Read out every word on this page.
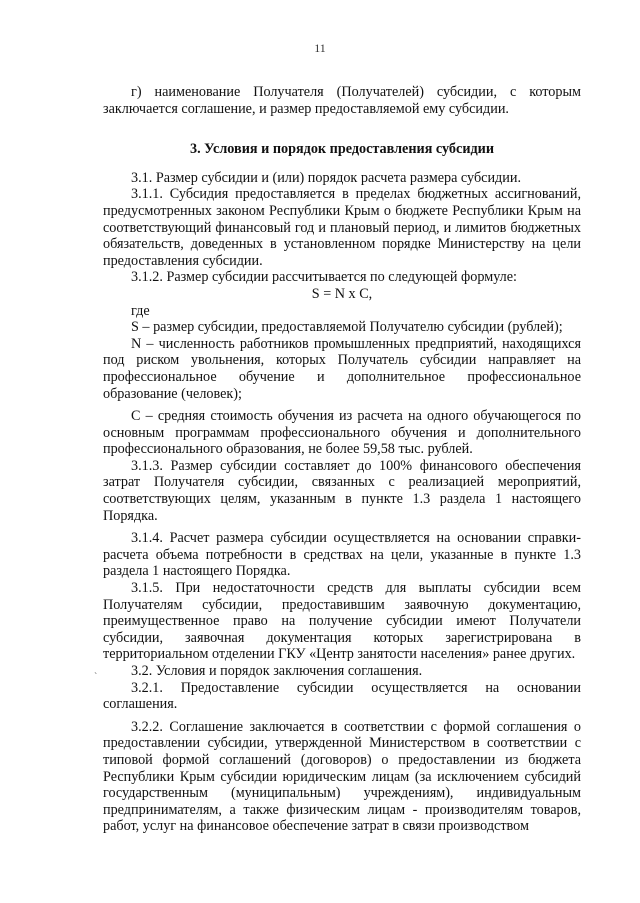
11
`

г) наименование Получателя (Получателей) субсидии, с которым заключается соглашение, и размер предоставляемой ему субсидии.

3. Условия и порядок предоставления субсидии

3.1. Размер субсидии и (или) порядок расчета размера субсидии.

3.1.1. Субсидия предоставляется в пределах бюджетных ассигнований, предусмотренных законом Республики Крым о бюджете Республики Крым на соответствующий финансовый год и плановый период, и лимитов бюджетных обязательств, доведенных в установленном порядке Министерству на цели предоставления субсидии.

3.1.2. Размер субсидии рассчитывается по следующей формуле:

S = N x C,

где

S – размер субсидии, предоставляемой Получателю субсидии (рублей);

N – численность работников промышленных предприятий, находящихся под риском увольнения, которых Получатель субсидии направляет на профессиональное обучение и дополнительное профессиональное образование (человек);

С – средняя стоимость обучения из расчета на одного обучающегося по основным программам профессионального обучения и дополнительного профессионального образования, не более 59,58 тыс. рублей.

3.1.3. Размер субсидии составляет до 100% финансового обеспечения затрат Получателя субсидии, связанных с реализацией мероприятий, соответствующих целям, указанным в пункте 1.3 раздела 1 настоящего Порядка.

3.1.4. Расчет размера субсидии осуществляется на основании справки-расчета объема потребности в средствах на цели, указанные в пункте 1.3 раздела 1 настоящего Порядка.

3.1.5. При недостаточности средств для выплаты субсидии всем Получателям субсидии, предоставившим заявочную документацию, преимущественное право на получение субсидии имеют Получатели субсидии, заявочная документация которых зарегистрирована в территориальном отделении ГКУ «Центр занятости населения» ранее других.

3.2. Условия и порядок заключения соглашения.

3.2.1. Предоставление субсидии осуществляется на основании соглашения.

3.2.2. Соглашение заключается в соответствии с формой соглашения о предоставлении субсидии, утвержденной Министерством в соответствии с типовой формой соглашений (договоров) о предоставлении из бюджета Республики Крым субсидии юридическим лицам (за исключением субсидий государственным (муниципальным) учреждениям), индивидуальным предпринимателям, а также физическим лицам - производителям товаров, работ, услуг на финансовое обеспечение затрат в связи производством
